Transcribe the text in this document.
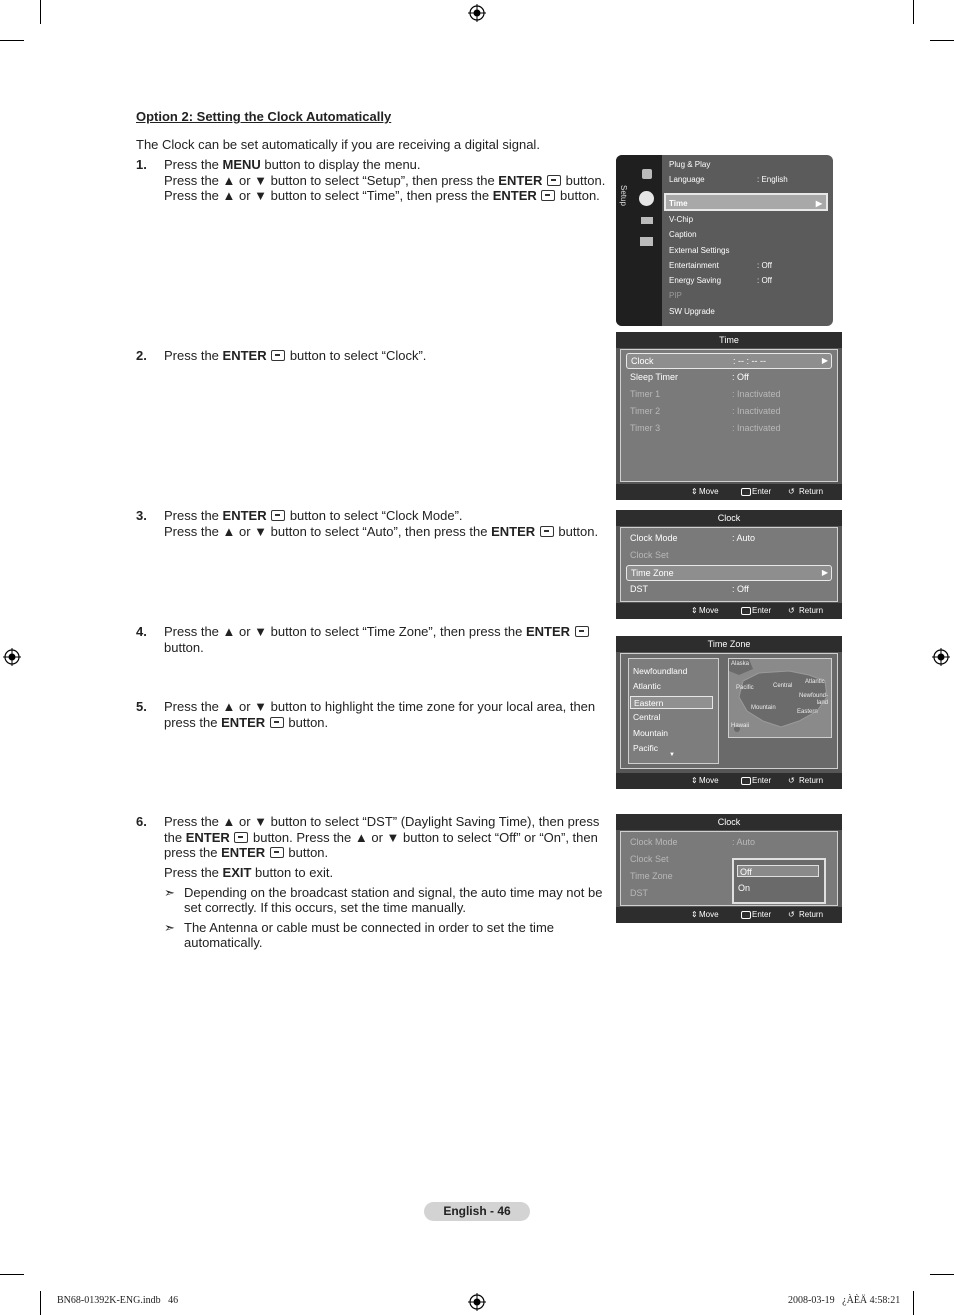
Option 2: Setting the Clock Automatically
The Clock can be set automatically if you are receiving a digital signal.
1.	Press the MENU button to display the menu.
Press the ▲ or ▼ button to select “Setup”, then press the ENTER  button.
Press the ▲ or ▼ button to select “Time”, then press the ENTER  button.
2.	Press the ENTER  button to select “Clock”.
3.	Press the ENTER  button to select “Clock Mode”.
Press the ▲ or ▼ button to select “Auto”, then press the ENTER  button.
4.	Press the ▲ or ▼ button to select “Time Zone”, then press the ENTER
button.
5.	Press the ▲ or ▼ button to highlight the time zone for your local area, then
press the ENTER  button.
6.	Press the ▲ or ▼ button to select “DST” (Daylight Saving Time), then press
the ENTER  button. Press the ▲ or ▼ button to select “Off” or “On”, then
press the ENTER  button.
Press the EXIT button to exit.
➣ Depending on the broadcast station and signal, the auto time may not be
set correctly. If this occurs, set the time manually.
➣ The Antenna or cable must be connected in order to set the time
automatically.
Setup
Plug & Play
Language	: English
Time	▶
V-Chip
Caption
External Settings
Entertainment	: Off
Energy Saving	: Off
PIP
SW Upgrade
Time
Clock	: -- : -- --	▶
Sleep Timer	: Off
Timer 1	: Inactivated
Timer 2	: Inactivated
Timer 3	: Inactivated
⇕ Move	Enter ↺ Return
Clock
Clock Mode	: Auto
Clock Set
Time Zone	▶
DST	: Off
⇕ Move	Enter ↺ Return
Time Zone
Newfoundland
Atlantic
Eastern
Central
Mountain
Pacific
▼
Alaska
Pacific	Central
Atlantic
Newfound-
land
Mountain
Eastern
Hawaii
⇕ Move	Enter ↺ Return
Clock
Clock Mode	: Auto
Clock Set
Time Zone
DST
Off
On
⇕ Move	Enter ↺ Return
English - 46
BN68-01392K-ENG.indb   46	2008-03-19   ¿ÀÈÄ 4:58:21
